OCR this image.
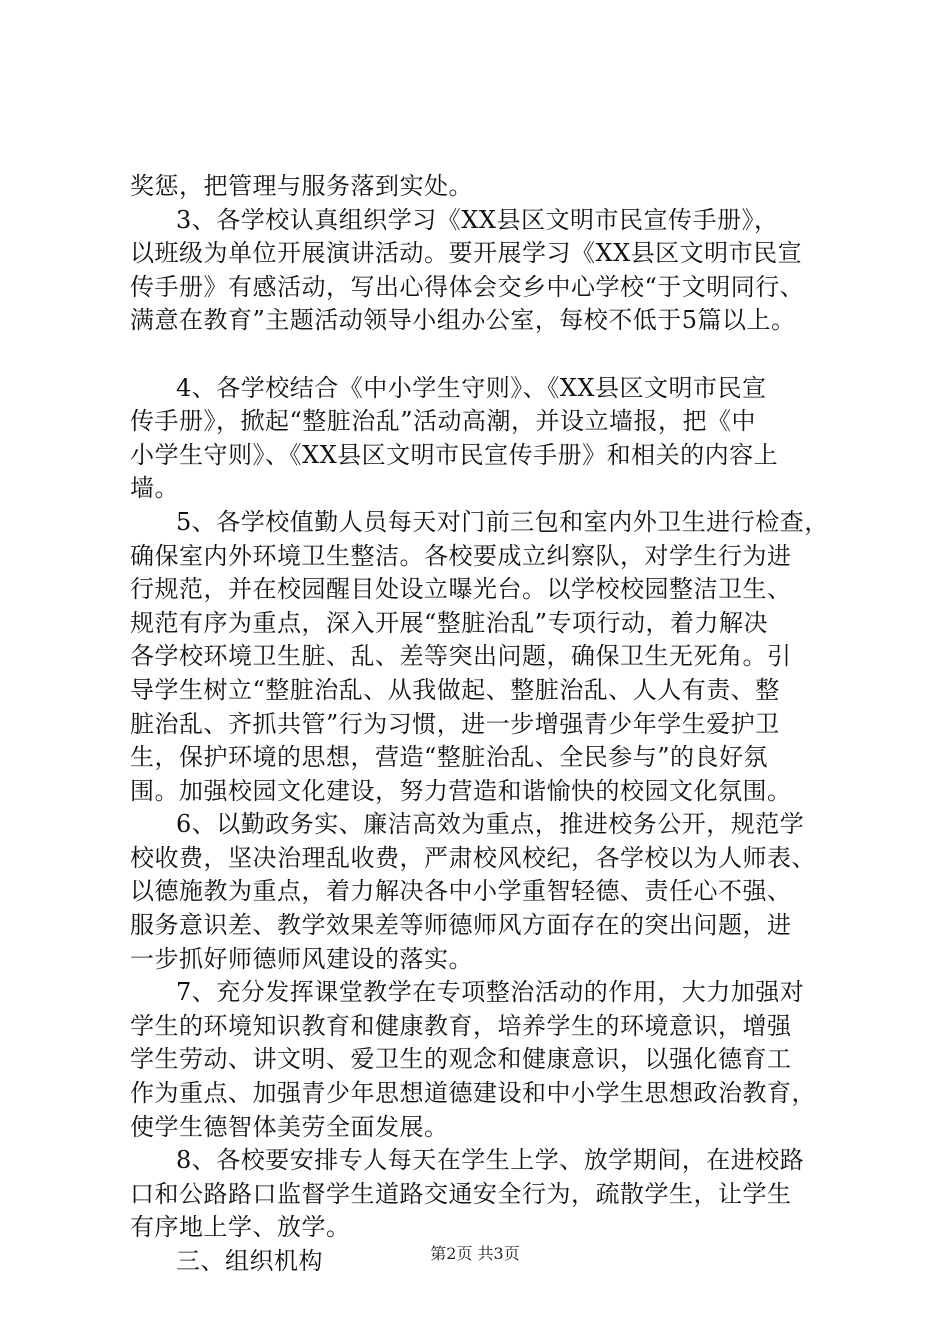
奖惩，把管理与服务落到实处。
3、各学校认真组织学习《XX县区文明市民宣传手册》，
以班级为单位开展演讲活动。要开展学习《XX县区文明市民宣
传手册》有感活动，写出心得体会交乡中心学校“于文明同行、
满意在教育”主题活动领导小组办公室，每校不低于5篇以上。
4、各学校结合《中小学生守则》、《XX县区文明市民宣
传手册》，掀起“整脏治乱”活动高潮，并设立墙报，把《中
小学生守则》、《XX县区文明市民宣传手册》和相关的内容上
墙。
5、各学校值勤人员每天对门前三包和室内外卫生进行检查，
确保室内外环境卫生整洁。各校要成立纠察队，对学生行为进
行规范，并在校园醒目处设立曝光台。以学校校园整洁卫生、
规范有序为重点，深入开展“整脏治乱”专项行动，着力解决
各学校环境卫生脏、乱、差等突出问题，确保卫生无死角。引
导学生树立“整脏治乱、从我做起、整脏治乱、人人有责、整
脏治乱、齐抓共管”行为习惯，进一步增强青少年学生爱护卫
生，保护环境的思想，营造“整脏治乱、全民参与”的良好氛
围。加强校园文化建设，努力营造和谐愉快的校园文化氛围。
6、以勤政务实、廉洁高效为重点，推进校务公开，规范学
校收费，坚决治理乱收费，严肃校风校纪，各学校以为人师表、
以德施教为重点，着力解决各中小学重智轻德、责任心不强、
服务意识差、教学效果差等师德师风方面存在的突出问题，进
一步抓好师德师风建设的落实。
7、充分发挥课堂教学在专项整治活动的作用，大力加强对
学生的环境知识教育和健康教育，培养学生的环境意识，增强
学生劳动、讲文明、爱卫生的观念和健康意识，以强化德育工
作为重点、加强青少年思想道德建设和中小学生思想政治教育，
使学生德智体美劳全面发展。
8、各校要安排专人每天在学生上学、放学期间，在进校路
口和公路路口监督学生道路交通安全行为，疏散学生，让学生
有序地上学、放学。
三、组织机构	第2页 共3页
